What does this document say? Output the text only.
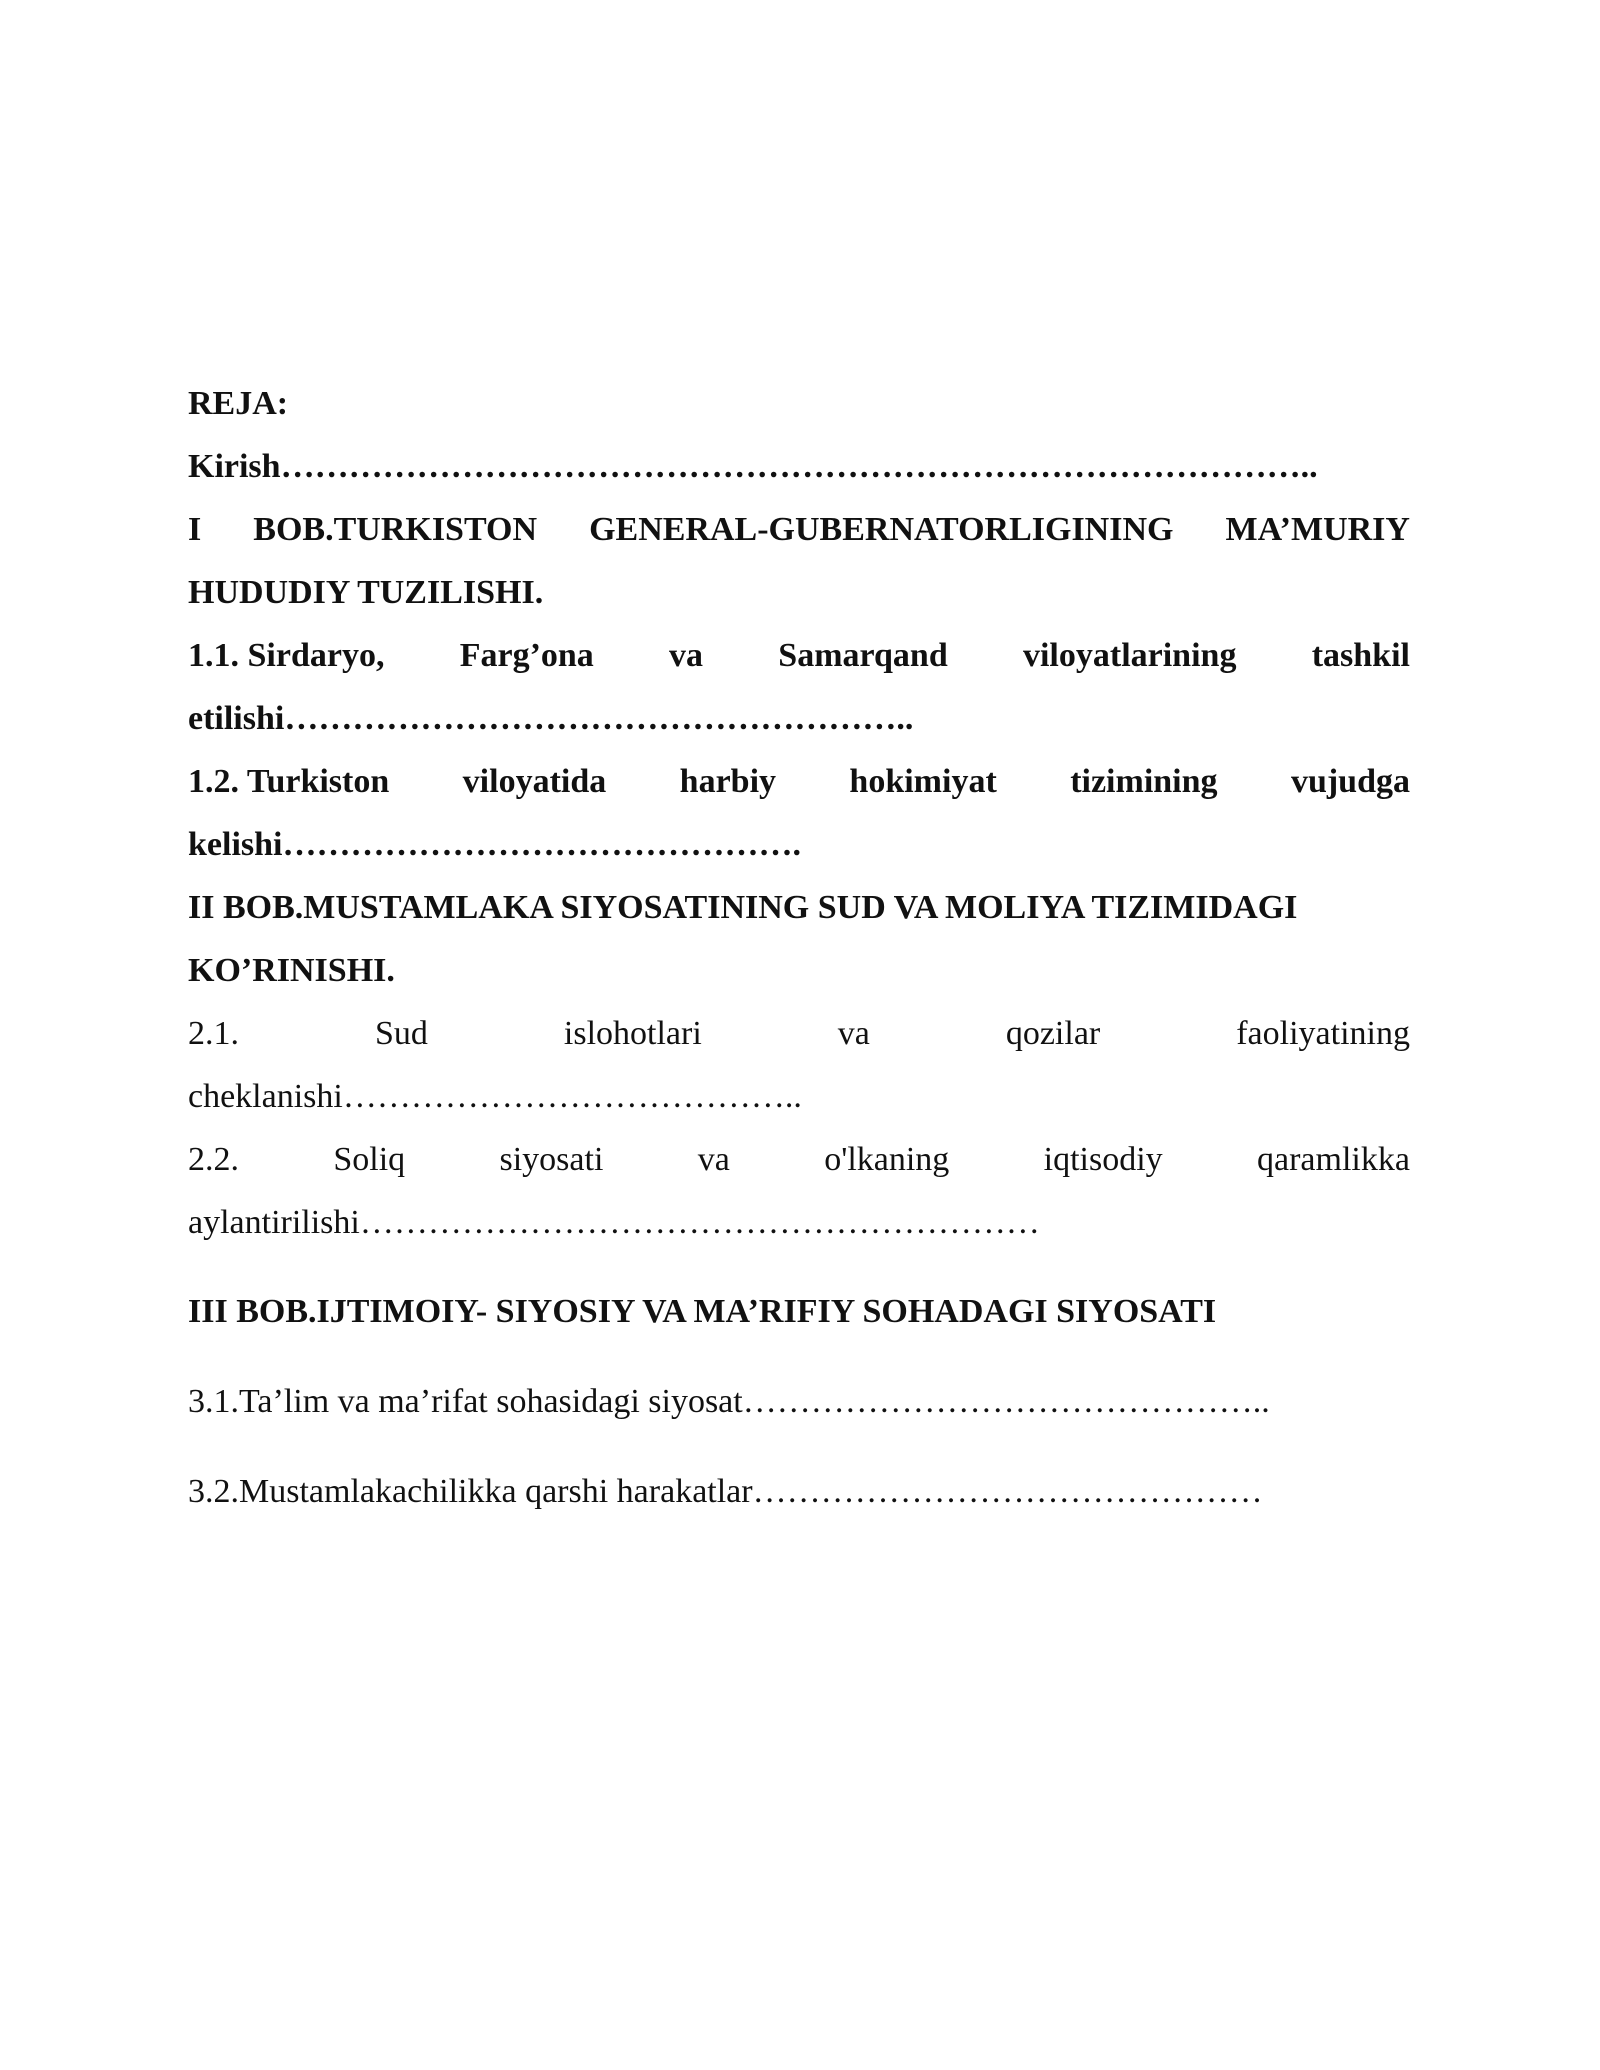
REJA:
Kirish………………………………………………………………………………..
I BOB.TURKISTON GENERAL-GUBERNATORLIGINING MA’MURIY
HUDUDIY TUZILISHI.
1.1. Sirdaryo, Farg’ona va Samarqand viloyatlarining tashkil
etilishi………………………………………………..
1.2. Turkiston viloyatida harbiy hokimiyat tizimining vujudga
kelishi……………………………………….
II BOB.MUSTAMLAKA SIYOSATINING SUD VA MOLIYA TIZIMIDAGI
KO’RINISHI.
2.1.	Sud	islohotlari	va	qozilar	faoliyatining
cheklanishi…………………………………..
2.2.	Soliq	siyosati	va	o'lkaning	iqtisodiy	qaramlikka
aylantirilishi……………………………………………………
III BOB.IJTIMOIY- SIYOSIY VA MA’RIFIY SOHADAGI SIYOSATI
3.1.Ta’lim va ma’rifat sohasidagi siyosat………………………………………..
3.2.Mustamlakachilikka qarshi harakatlar………………………………………
